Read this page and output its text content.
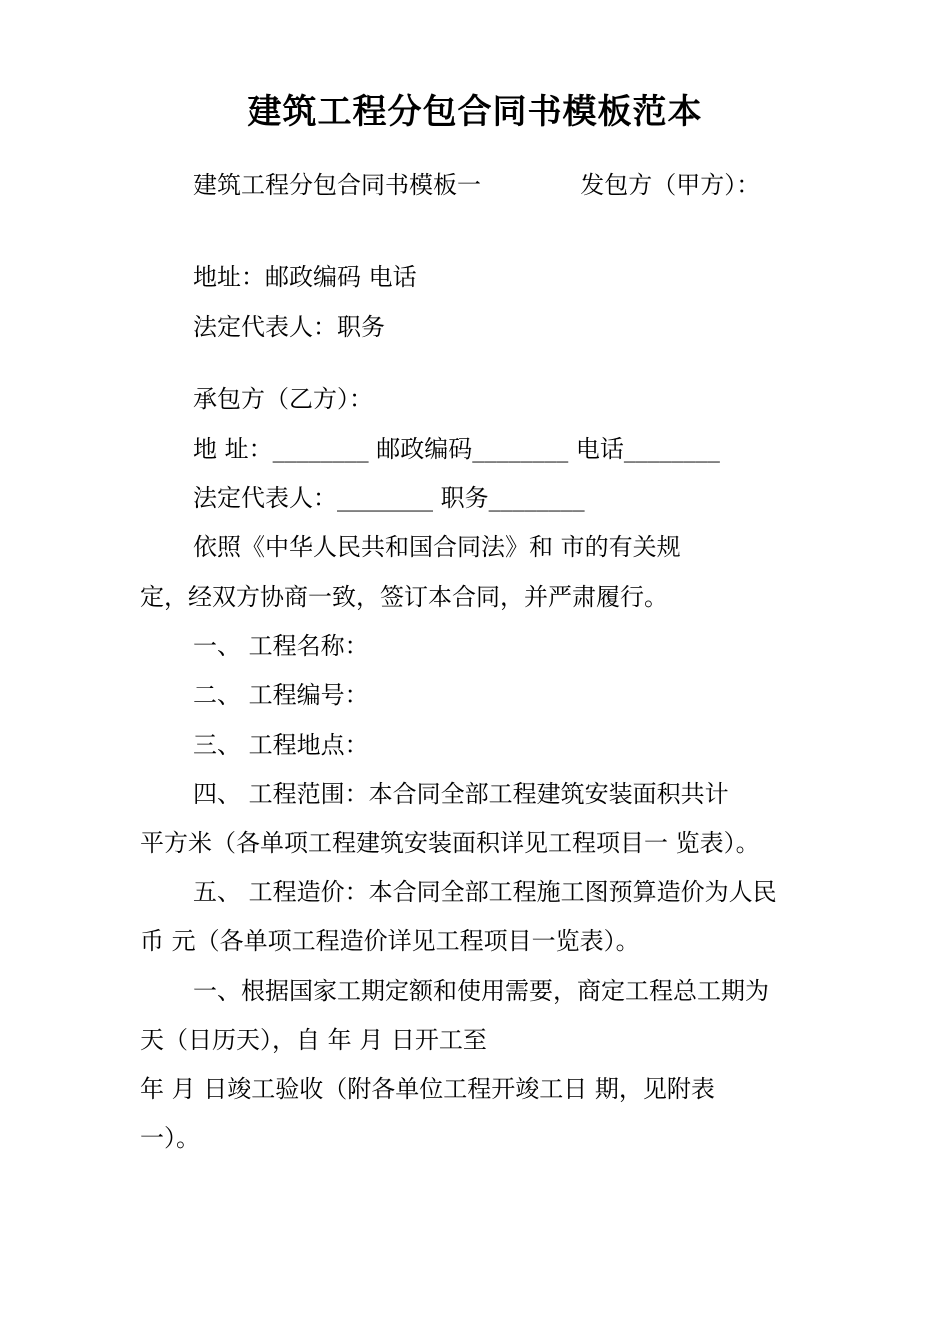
建筑工程分包合同书模板范本
建筑工程分包合同书模板一	发包方（甲方）：
地址：邮政编码 电话
法定代表人：职务
承包方（乙方）：
地 址：________ 邮政编码________ 电话________
法定代表人：________ 职务________
依照《中华人民共和国合同法》和 市的有关规
定，经双方协商一致，签订本合同，并严肃履行。
一、 工程名称：
二、 工程编号：
三、 工程地点：
四、 工程范围：本合同全部工程建筑安装面积共计
平方米（各单项工程建筑安装面积详见工程项目一 览表）。
五、 工程造价：本合同全部工程施工图预算造价为人民
币 元（各单项工程造价详见工程项目一览表）。
一、根据国家工期定额和使用需要，商定工程总工期为
天（日历天），自 年 月 日开工至
年 月 日竣工验收（附各单位工程开竣工日 期，见附表
一）。
